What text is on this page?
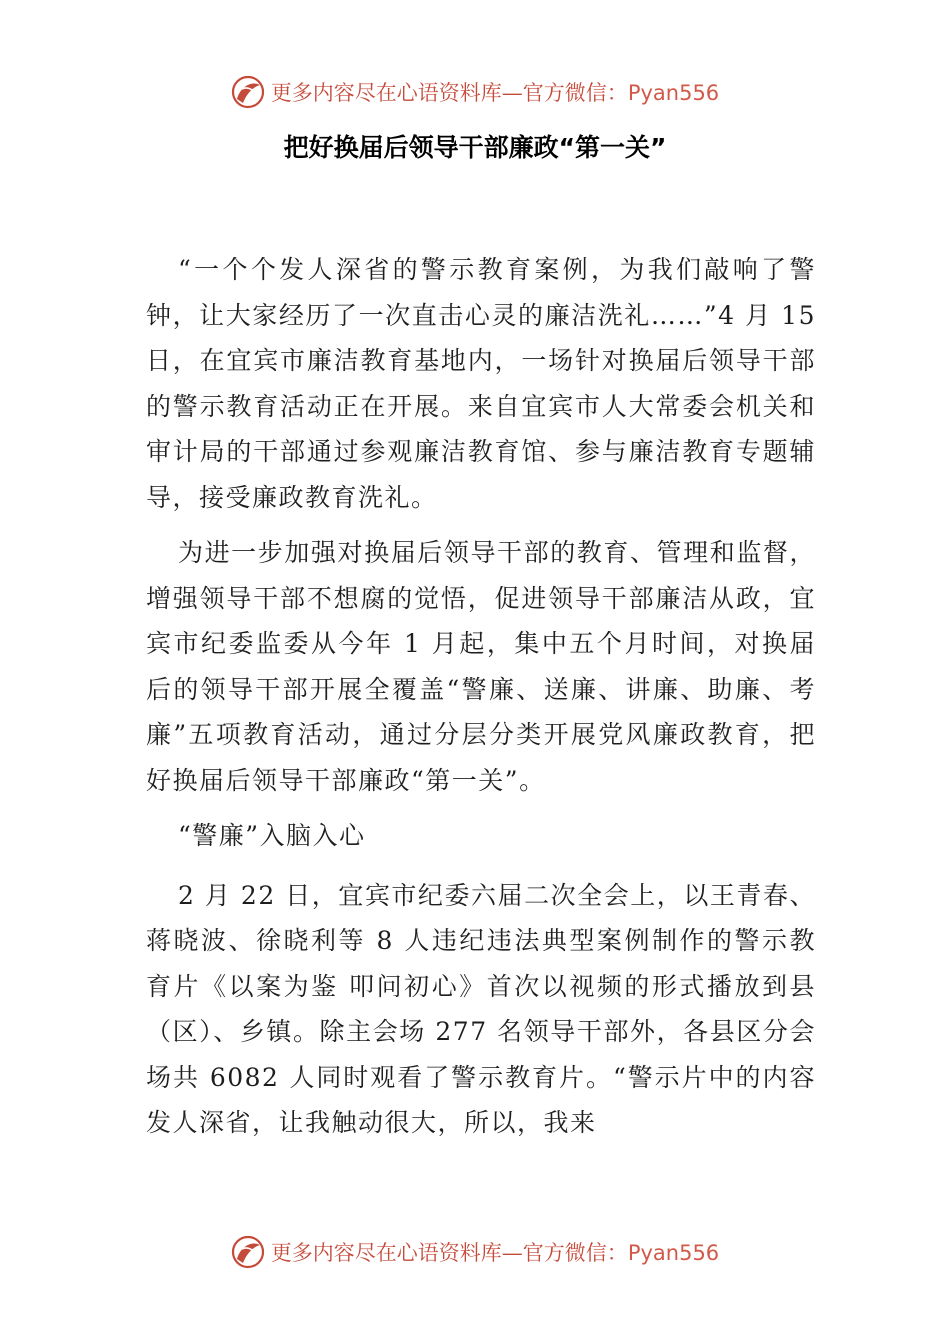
更多内容尽在心语资料库—官方微信：Pyan556
把好换届后领导干部廉政“第一关”

“一个个发人深省的警示教育案例，为我们敲响了警钟，让大家经历了一次直击心灵的廉洁洗礼……”4 月 15 日，在宜宾市廉洁教育基地内，一场针对换届后领导干部的警示教育活动正在开展。来自宜宾市人大常委会机关和审计局的干部通过参观廉洁教育馆、参与廉洁教育专题辅导，接受廉政教育洗礼。

为进一步加强对换届后领导干部的教育、管理和监督，增强领导干部不想腐的觉悟，促进领导干部廉洁从政，宜宾市纪委监委从今年 1 月起，集中五个月时间，对换届后的领导干部开展全覆盖“警廉、送廉、讲廉、助廉、考廉”五项教育活动，通过分层分类开展党风廉政教育，把好换届后领导干部廉政“第一关”。

“警廉”入脑入心

2 月 22 日，宜宾市纪委六届二次全会上，以王青春、蒋晓波、徐晓利等 8 人违纪违法典型案例制作的警示教育片《以案为鉴 叩问初心》首次以视频的形式播放到县（区）、乡镇。除主会场 277 名领导干部外，各县区分会场共 6082 人同时观看了警示教育片。“警示片中的内容发人深省，让我触动很大，所以，我来

更多内容尽在心语资料库—官方微信：Pyan556
